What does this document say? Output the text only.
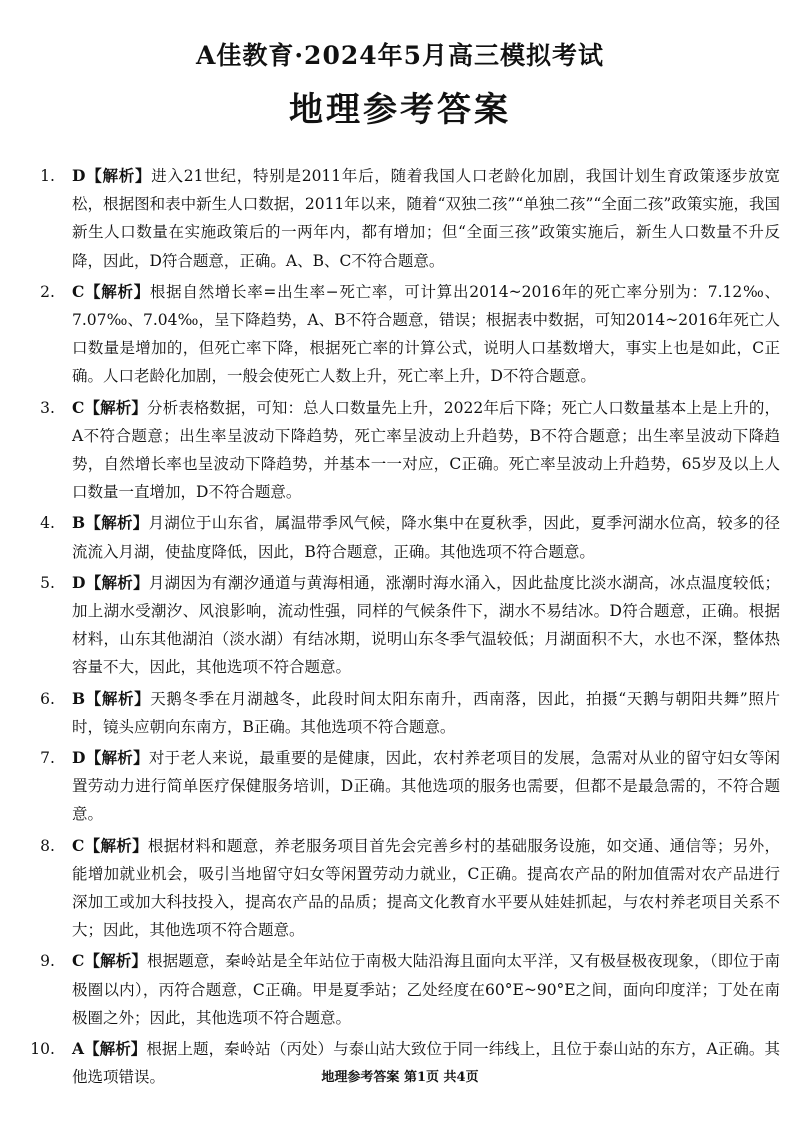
A佳教育·2024年5月高三模拟考试
地理参考答案
1 . D【解析】进入21世纪，特别是2011年后，随着我国人口老龄化加剧，我国计划生育政策逐步放宽松，根据图和表中新生人口数据，2011年以来，随着“双独二孩”“单独二孩”“全面二孩”政策实施，我国新生人口数量在实施政策后的一两年内，都有增加；但“全面三孩”政策实施后，新生人口数量不升反降，因此，D符合题意，正确。A、B、C不符合题意。
2 . C【解析】根据自然增长率=出生率−死亡率，可计算出2014~2016年的死亡率分别为：7.12‰、7.07‰、7.04‰，呈下降趋势，A、B不符合题意，错误；根据表中数据，可知2014~2016年死亡人口数量是增加的，但死亡率下降，根据死亡率的计算公式，说明人口基数增大，事实上也是如此，C正确。人口老龄化加剧，一般会使死亡人数上升，死亡率上升，D不符合题意。
3 . C【解析】分析表格数据，可知：总人口数量先上升，2022年后下降；死亡人口数量基本上是上升的，A不符合题意；出生率呈波动下降趋势，死亡率呈波动上升趋势，B不符合题意；出生率呈波动下降趋势，自然增长率也呈波动下降趋势，并基本一一对应，C正确。死亡率呈波动上升趋势，65岁及以上人口数量一直增加，D不符合题意。
4 . B【解析】月湖位于山东省，属温带季风气候，降水集中在夏秋季，因此，夏季河湖水位高，较多的径流流入月湖，使盐度降低，因此，B符合题意，正确。其他选项不符合题意。
5 . D【解析】月湖因为有潮汐通道与黄海相通，涨潮时海水涌入，因此盐度比淡水湖高，冰点温度较低；加上湖水受潮汐、风浪影响，流动性强，同样的气候条件下，湖水不易结冰。D符合题意，正确。根据材料，山东其他湖泊（淡水湖）有结冰期，说明山东冬季气温较低；月湖面积不大，水也不深，整体热容量不大，因此，其他选项不符合题意。
6 . B【解析】天鹅冬季在月湖越冬，此段时间太阳东南升，西南落，因此，拍摄“天鹅与朝阳共舞”照片时，镜头应朝向东南方，B正确。其他选项不符合题意。
7 . D【解析】对于老人来说，最重要的是健康，因此，农村养老项目的发展，急需对从业的留守妇女等闲置劳动力进行简单医疗保健服务培训，D正确。其他选项的服务也需要，但都不是最急需的，不符合题意。
8 . C【解析】根据材料和题意，养老服务项目首先会完善乡村的基础服务设施，如交通、通信等；另外，能增加就业机会，吸引当地留守妇女等闲置劳动力就业，C正确。提高农产品的附加值需对农产品进行深加工或加大科技投入，提高农产品的品质；提高文化教育水平要从娃娃抓起，与农村养老项目关系不大；因此，其他选项不符合题意。
9 . C【解析】根据题意，秦岭站是全年站位于南极大陆沿海且面向太平洋，又有极昼极夜现象，（即位于南极圈以内），丙符合题意，C正确。甲是夏季站；乙处经度在60°E~90°E之间，面向印度洋；丁处在南极圈之外；因此，其他选项不符合题意。
10 . A【解析】根据上题，秦岭站（丙处）与泰山站大致位于同一纬线上，且位于泰山站的东方，A正确。其他选项错误。	地理参考答案 第1页 共4页
